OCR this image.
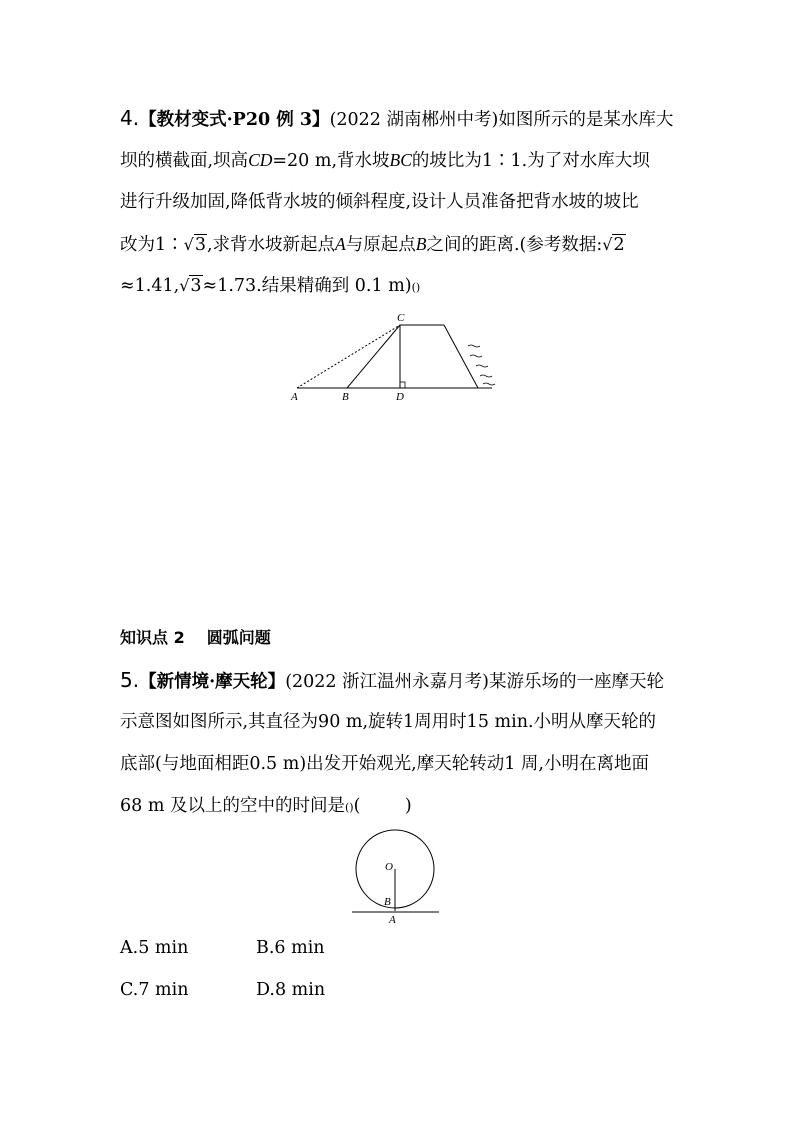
4.【教材变式·P20 例 3】(2022 湖南郴州中考)如图所示的是某水库大
坝的横截面,坝高CD=20 m,背水坡BC的坡比为1∶1.为了对水库大坝
进行升级加固,降低背水坡的倾斜程度,设计人员准备把背水坡的坡比
改为1∶√3,求背水坡新起点A与原起点B之间的距离.(参考数据:√2
≈1.41,√3≈1.73.结果精确到 0.1 m)()
A	B
C
D
知识点 2 圆弧问题
5.【新情境·摩天轮】(2022 浙江温州永嘉月考)某游乐场的一座摩天轮
示意图如图所示,其直径为90 m,旋转1周用时15 min.小明从摩天轮的
底部(与地面相距0.5 m)出发开始观光,摩天轮转动1 周,小明在离地面
68 m 及以上的空中的时间是()(        )
O
B
A
A.5 min	B.6 min
C.7 min	D.8 min
